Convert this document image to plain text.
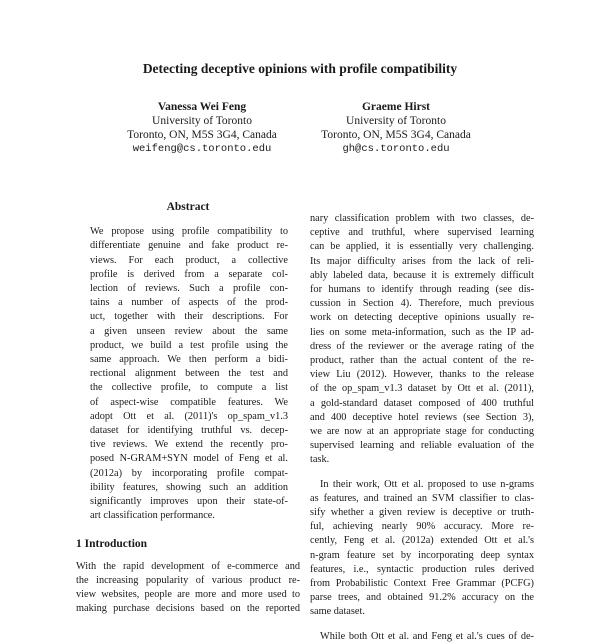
Detecting deceptive opinions with profile compatibility
Vanessa Wei Feng
University of Toronto
Toronto, ON, M5S 3G4, Canada
weifeng@cs.toronto.edu
Graeme Hirst
University of Toronto
Toronto, ON, M5S 3G4, Canada
gh@cs.toronto.edu
Abstract
We propose using profile compatibility to
differentiate genuine and fake product re-
views. For each product, a collective
profile is derived from a separate col-
lection of reviews. Such a profile con-
tains a number of aspects of the prod-
uct, together with their descriptions. For
a given unseen review about the same
product, we build a test profile using the
same approach. We then perform a bidi-
rectional alignment between the test and
the collective profile, to compute a list
of aspect-wise compatible features. We
adopt Ott et al. (2011)'s op_spam_v1.3
dataset for identifying truthful vs. decep-
tive reviews. We extend the recently pro-
posed N-GRAM+SYN model of Feng et al.
(2012a) by incorporating profile compat-
ibility features, showing such an addition
significantly improves upon their state-of-
art classification performance.
1 Introduction
With the rapid development of e-commerce and
the increasing popularity of various product re-
view websites, people are more and more used to
making purchase decisions based on the reported
nary classification problem with two classes, de-
ceptive and truthful, where supervised learning
can be applied, it is essentially very challenging.
Its major difficulty arises from the lack of reli-
ably labeled data, because it is extremely difficult
for humans to identify through reading (see dis-
cussion in Section 4). Therefore, much previous
work on detecting deceptive opinions usually re-
lies on some meta-information, such as the IP ad-
dress of the reviewer or the average rating of the
product, rather than the actual content of the re-
view Liu (2012). However, thanks to the release
of the op_spam_v1.3 dataset by Ott et al. (2011),
a gold-standard dataset composed of 400 truthful
and 400 deceptive hotel reviews (see Section 3),
we are now at an appropriate stage for conducting
supervised learning and reliable evaluation of the
task.
In their work, Ott et al. proposed to use n-grams
as features, and trained an SVM classifier to clas-
sify whether a given review is deceptive or truth-
ful, achieving nearly 90% accuracy. More re-
cently, Feng et al. (2012a) extended Ott et al.'s
n-gram feature set by incorporating deep syntax
features, i.e., syntactic production rules derived
from Probabilistic Context Free Grammar (PCFG)
parse trees, and obtained 91.2% accuracy on the
same dataset.
While both Ott et al. and Feng et al.'s cues of de-
